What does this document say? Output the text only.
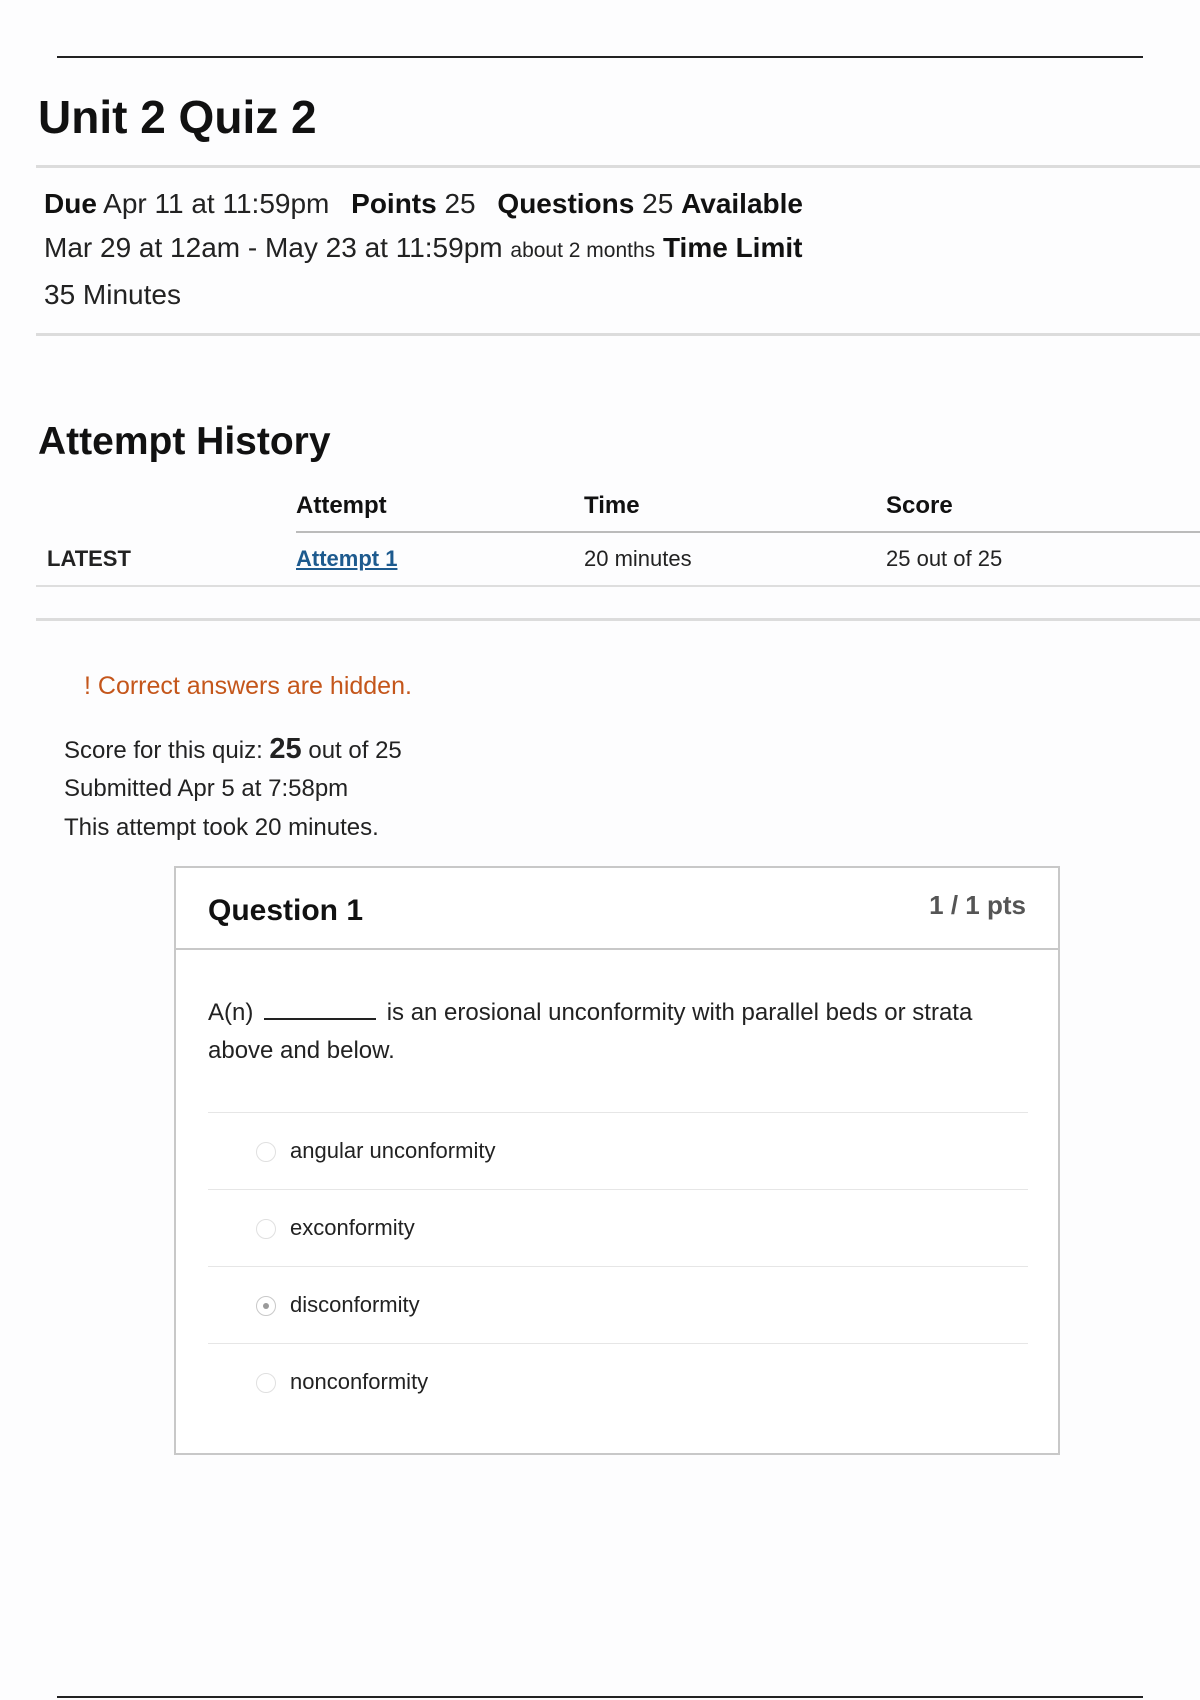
Unit 2 Quiz 2
Due Apr 11 at 11:59pm Points 25 Questions 25 Available
Mar 29 at 12am - May 23 at 11:59pm about 2 months Time Limit
35 Minutes
Attempt History
	Attempt	Time	Score
LATEST	Attempt 1	20 minutes	25 out of 25
! Correct answers are hidden.
Score for this quiz: 25 out of 25
Submitted Apr 5 at 7:58pm
This attempt took 20 minutes.
Question 1	1 / 1 pts
A(n)	is an erosional unconformity with parallel beds or strata above and below.
angular unconformity
exconformity
disconformity
nonconformity
